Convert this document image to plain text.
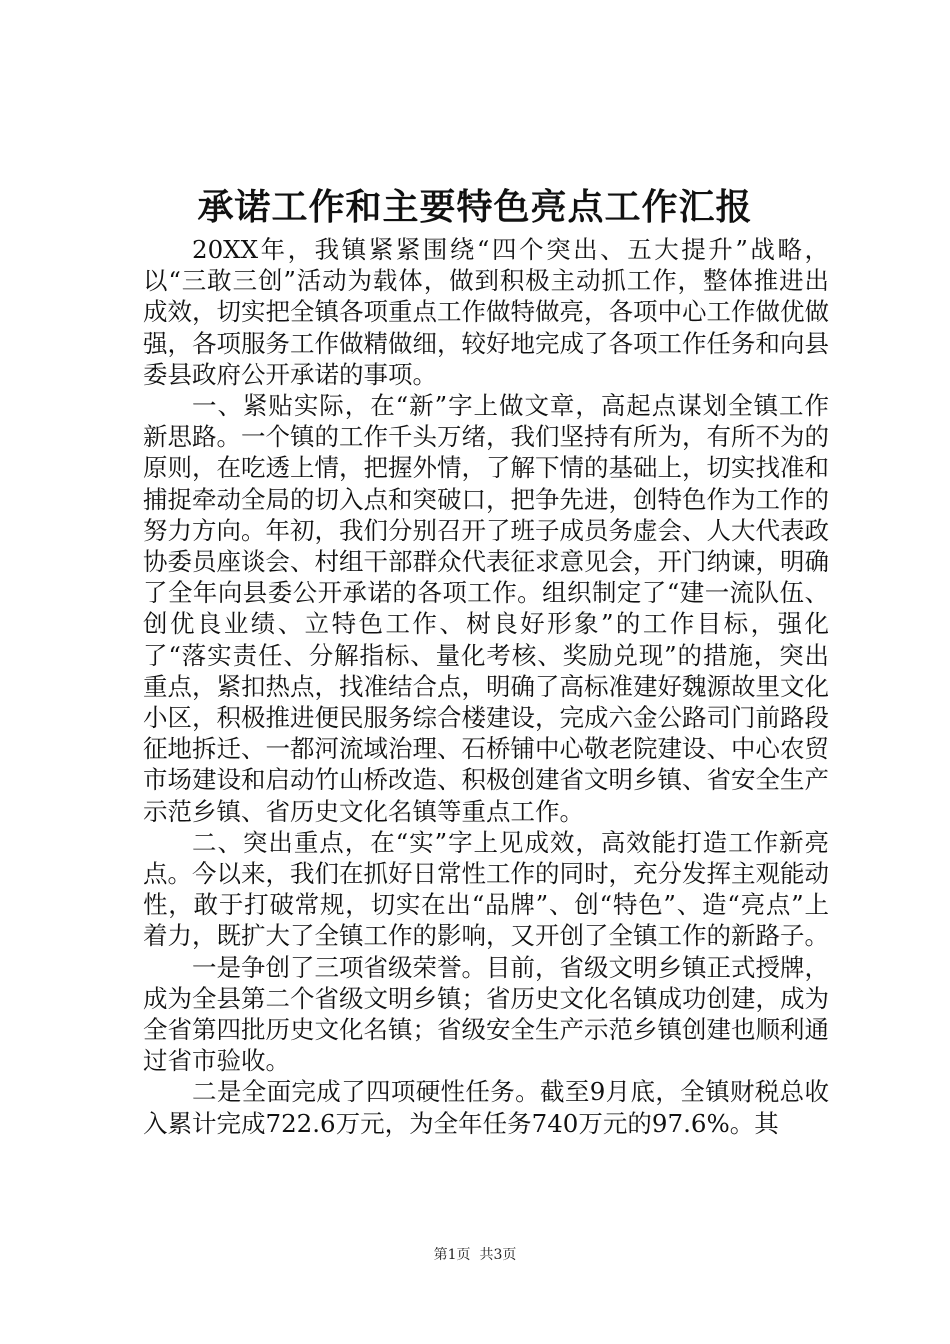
承诺工作和主要特色亮点工作汇报

20XX年，我镇紧紧围绕“四个突出、五大提升”战略，以“三敢三创”活动为载体，做到积极主动抓工作，整体推进出成效，切实把全镇各项重点工作做特做亮，各项中心工作做优做强，各项服务工作做精做细，较好地完成了各项工作任务和向县委县政府公开承诺的事项。

一、紧贴实际，在“新”字上做文章，高起点谋划全镇工作新思路。一个镇的工作千头万绪，我们坚持有所为，有所不为的原则，在吃透上情，把握外情，了解下情的基础上，切实找准和捕捉牵动全局的切入点和突破口，把争先进，创特色作为工作的努力方向。年初，我们分别召开了班子成员务虚会、人大代表政协委员座谈会、村组干部群众代表征求意见会，开门纳谏，明确了全年向县委公开承诺的各项工作。组织制定了“建一流队伍、创优良业绩、立特色工作、树良好形象”的工作目标，强化了“落实责任、分解指标、量化考核、奖励兑现”的措施，突出重点，紧扣热点，找准结合点，明确了高标准建好魏源故里文化小区，积极推进便民服务综合楼建设，完成六金公路司门前路段征地拆迁、一都河流域治理、石桥铺中心敬老院建设、中心农贸市场建设和启动竹山桥改造、积极创建省文明乡镇、省安全生产示范乡镇、省历史文化名镇等重点工作。

二、突出重点，在“实”字上见成效，高效能打造工作新亮点。今以来，我们在抓好日常性工作的同时，充分发挥主观能动性，敢于打破常规，切实在出“品牌”、创“特色”、造“亮点”上着力，既扩大了全镇工作的影响，又开创了全镇工作的新路子。

一是争创了三项省级荣誉。目前，省级文明乡镇正式授牌，成为全县第二个省级文明乡镇；省历史文化名镇成功创建，成为全省第四批历史文化名镇；省级安全生产示范乡镇创建也顺利通过省市验收。

二是全面完成了四项硬性任务。截至9月底，全镇财税总收入累计完成722.6万元，为全年任务740万元的97.6%。其

第1页 共3页
